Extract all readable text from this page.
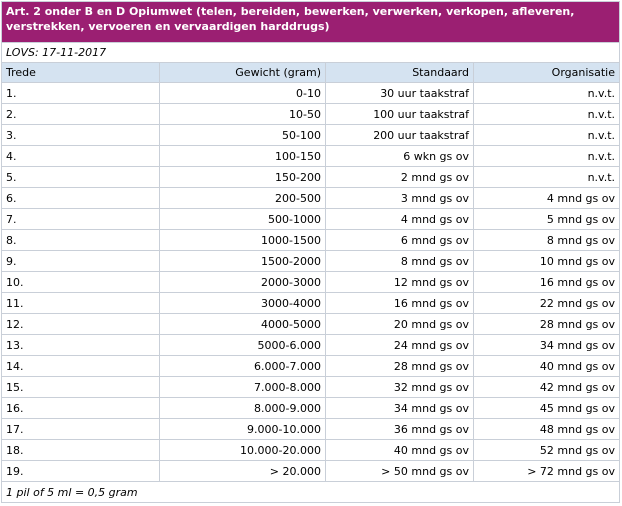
Art. 2 onder B en D Opiumwet (telen, bereiden, bewerken, verwerken, verkopen, afleveren, verstrekken, vervoeren en vervaardigen harddrugs)			
LOVS: 17-11-2017			
Trede	Gewicht (gram)	Standaard	Organisatie
1.	0-10	30 uur taakstraf	n.v.t.
2.	10-50	100 uur taakstraf	n.v.t.
3.	50-100	200 uur taakstraf	n.v.t.
4.	100-150	6 wkn gs ov	n.v.t.
5.	150-200	2 mnd gs ov	n.v.t.
6.	200-500	3 mnd gs ov	4 mnd gs ov
7.	500-1000	4 mnd gs ov	5 mnd gs ov
8.	1000-1500	6 mnd gs ov	8 mnd gs ov
9.	1500-2000	8 mnd gs ov	10 mnd gs ov
10.	2000-3000	12 mnd gs ov	16 mnd gs ov
11.	3000-4000	16 mnd gs ov	22 mnd gs ov
12.	4000-5000	20 mnd gs ov	28 mnd gs ov
13.	5000-6.000	24 mnd gs ov	34 mnd gs ov
14.	6.000-7.000	28 mnd gs ov	40 mnd gs ov
15.	7.000-8.000	32 mnd gs ov	42 mnd gs ov
16.	8.000-9.000	34 mnd gs ov	45 mnd gs ov
17.	9.000-10.000	36 mnd gs ov	48 mnd gs ov
18.	10.000-20.000	40 mnd gs ov	52 mnd gs ov
19.	> 20.000	> 50 mnd gs ov	> 72 mnd gs ov
1 pil of 5 ml = 0,5 gram			
